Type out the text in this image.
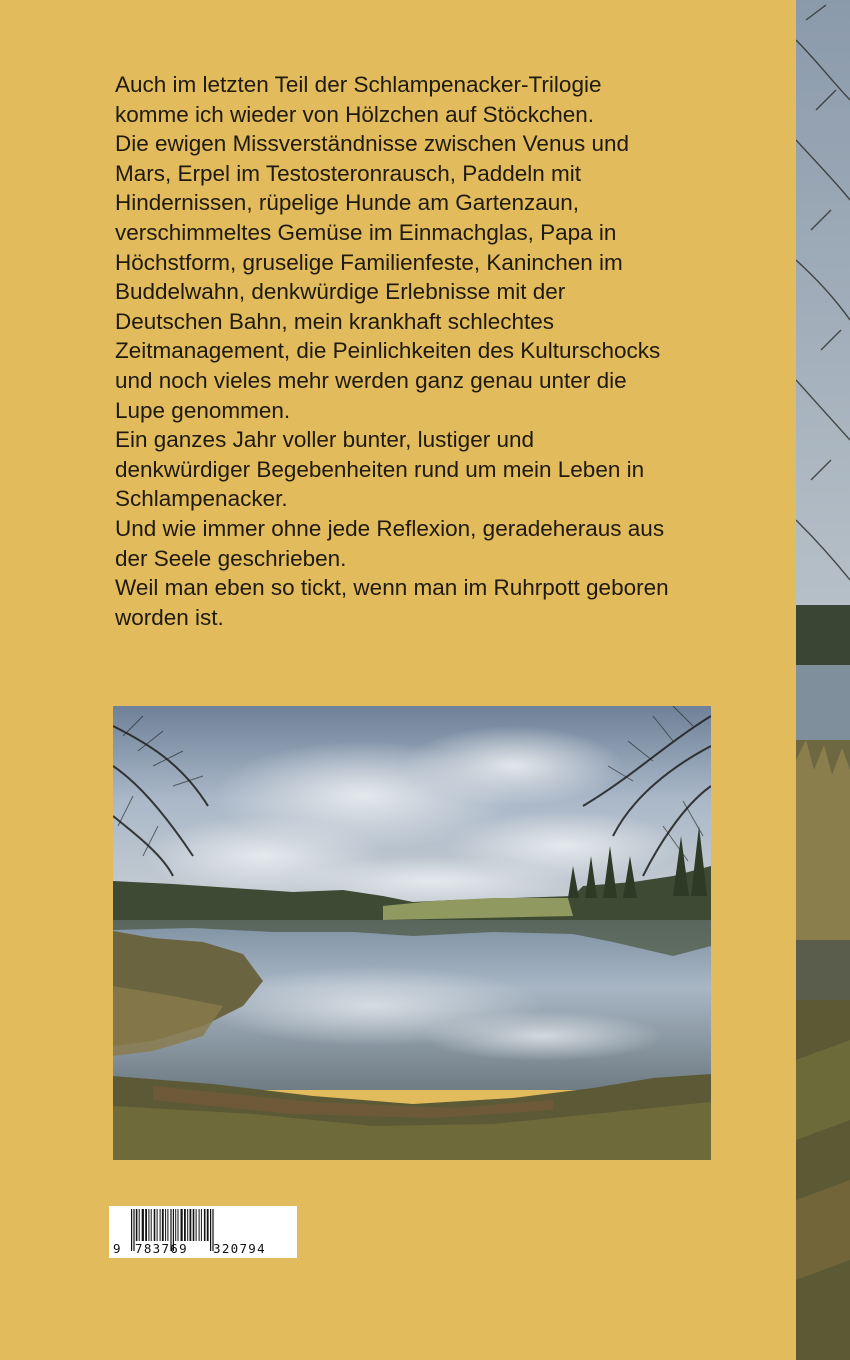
Auch im letzten Teil der Schlampenacker-Trilogie
komme ich wieder von Hölzchen auf Stöckchen.
Die ewigen Missverständnisse zwischen Venus und
Mars, Erpel im Testosteronrausch, Paddeln mit
Hindernissen, rüpelige Hunde am Gartenzaun,
verschimmeltes Gemüse im Einmachglas, Papa in
Höchstform, gruselige Familienfeste, Kaninchen im
Buddelwahn, denkwürdige Erlebnisse mit der
Deutschen Bahn, mein krankhaft schlechtes
Zeitmanagement, die Peinlichkeiten des Kulturschocks
und noch vieles mehr werden ganz genau unter die
Lupe genommen.
Ein ganzes Jahr voller bunter, lustiger und
denkwürdiger Begebenheiten rund um mein Leben in
Schlampenacker.
Und wie immer ohne jede Reflexion, geradeheraus aus
der Seele geschrieben.
Weil man eben so tickt, wenn man im Ruhrpott geboren
worden ist.
9 783769 320794
